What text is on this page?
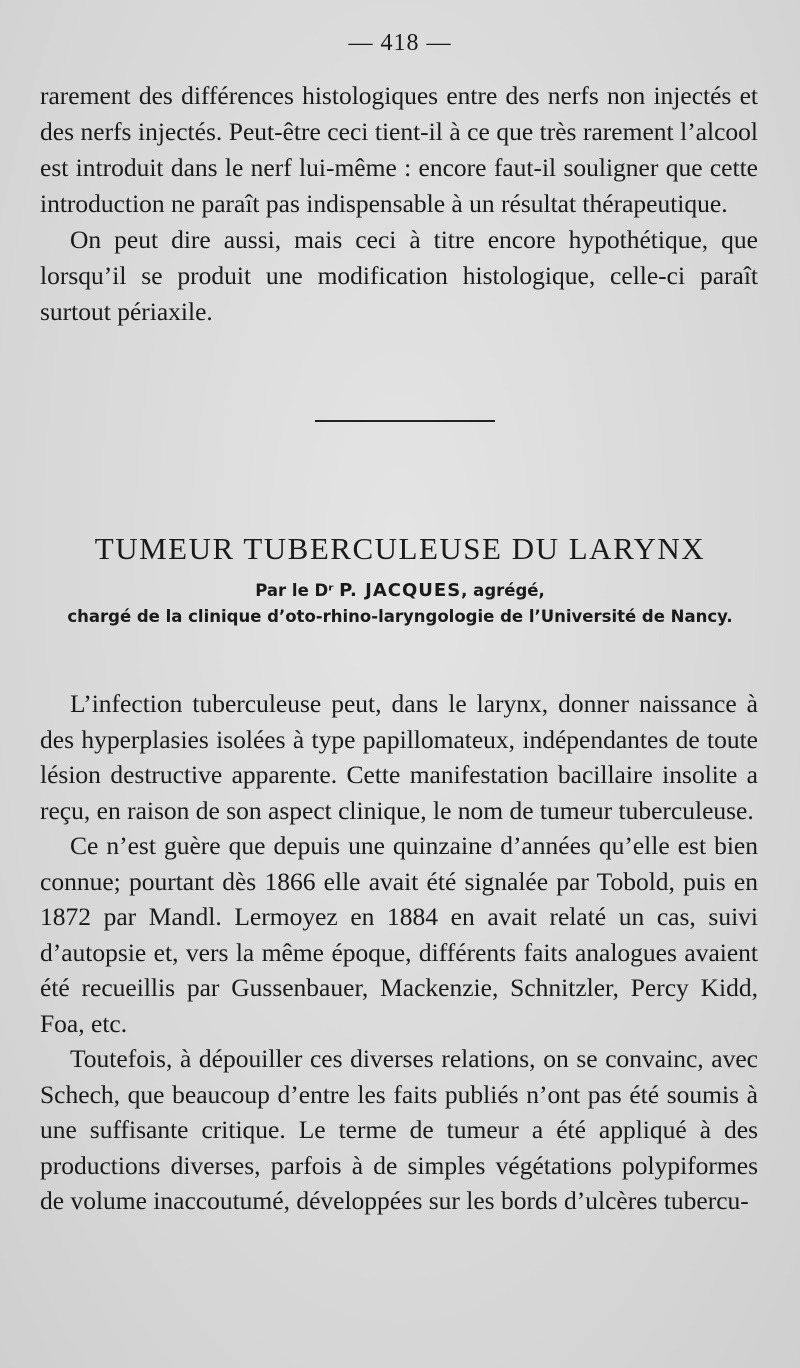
— 418 —

rarement des différences histologiques entre des nerfs non injectés et des nerfs injectés. Peut-être ceci tient-il à ce que très rarement l’alcool est introduit dans le nerf lui-même : encore faut-il souligner que cette introduction ne paraît pas indispensable à un résultat thérapeutique.

On peut dire aussi, mais ceci à titre encore hypothétique, que lorsqu’il se produit une modification histologique, celle-ci paraît surtout périaxile.

TUMEUR TUBERCULEUSE DU LARYNX
Par le Dʳ P. JACQUES, agrégé,
chargé de la clinique d’oto-rhino-laryngologie de l’Université de Nancy.

L’infection tuberculeuse peut, dans le larynx, donner naissance à des hyperplasies isolées à type papillomateux, indépendantes de toute lésion destructive apparente. Cette manifestation bacillaire insolite a reçu, en raison de son aspect clinique, le nom de tumeur tuberculeuse.

Ce n’est guère que depuis une quinzaine d’années qu’elle est bien connue; pourtant dès 1866 elle avait été signalée par Tobold, puis en 1872 par Mandl. Lermoyez en 1884 en avait relaté un cas, suivi d’autopsie et, vers la même époque, différents faits analogues avaient été recueillis par Gussenbauer, Mackenzie, Schnitzler, Percy Kidd, Foa, etc.

Toutefois, à dépouiller ces diverses relations, on se convainc, avec Schech, que beaucoup d’entre les faits publiés n’ont pas été soumis à une suffisante critique. Le terme de tumeur a été appliqué à des productions diverses, parfois à de simples végétations polypiformes de volume inaccoutumé, développées sur les bords d’ulcères tubercu-
